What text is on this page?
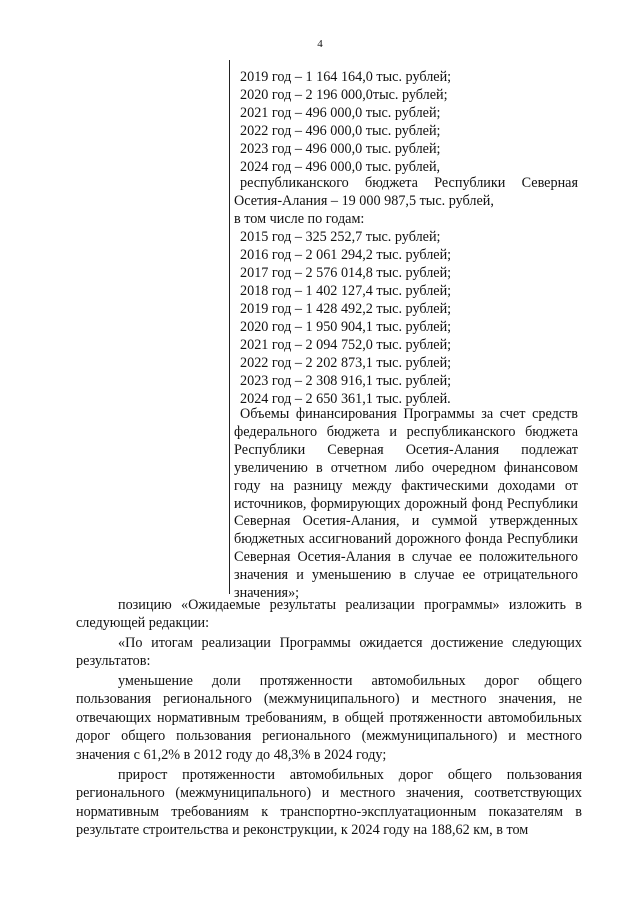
4
2019 год – 1 164 164,0 тыс. рублей;
2020 год – 2 196 000,0тыс. рублей;
2021 год – 496 000,0 тыс. рублей;
2022 год – 496 000,0 тыс. рублей;
2023 год – 496 000,0 тыс. рублей;
2024 год – 496 000,0 тыс. рублей,
республиканского бюджета Республики Северная Осетия-Алания – 19 000 987,5 тыс. рублей,
в том числе по годам:
2015 год – 325 252,7 тыс. рублей;
2016 год – 2 061 294,2 тыс. рублей;
2017 год – 2 576 014,8 тыс. рублей;
2018 год – 1 402 127,4 тыс. рублей;
2019 год – 1 428 492,2 тыс. рублей;
2020 год – 1 950 904,1 тыс. рублей;
2021 год – 2 094 752,0 тыс. рублей;
2022 год – 2 202 873,1 тыс. рублей;
2023 год – 2 308 916,1 тыс. рублей;
2024 год – 2 650 361,1 тыс. рублей.
Объемы финансирования Программы за счет средств федерального бюджета и республиканского бюджета Республики Северная Осетия-Алания подлежат увеличению в отчетном либо очередном финансовом году на разницу между фактическими доходами от источников, формирующих дорожный фонд Республики Северная Осетия-Алания, и суммой утвержденных бюджетных ассигнований дорожного фонда Республики Северная Осетия-Алания в случае ее положительного значения и уменьшению в случае ее отрицательного значения»;
позицию «Ожидаемые результаты реализации программы» изложить в следующей редакции:
«По итогам реализации Программы ожидается достижение следующих результатов:
уменьшение доли протяженности автомобильных дорог общего пользования регионального (межмуниципального) и местного значения, не отвечающих нормативным требованиям, в общей протяженности автомобильных дорог общего пользования регионального (межмуниципального) и местного значения с 61,2% в 2012 году до 48,3% в 2024 году;
прирост протяженности автомобильных дорог общего пользования регионального (межмуниципального) и местного значения, соответствующих нормативным требованиям к транспортно-эксплуатационным показателям в результате строительства и реконструкции, к 2024 году на 188,62 км, в том
